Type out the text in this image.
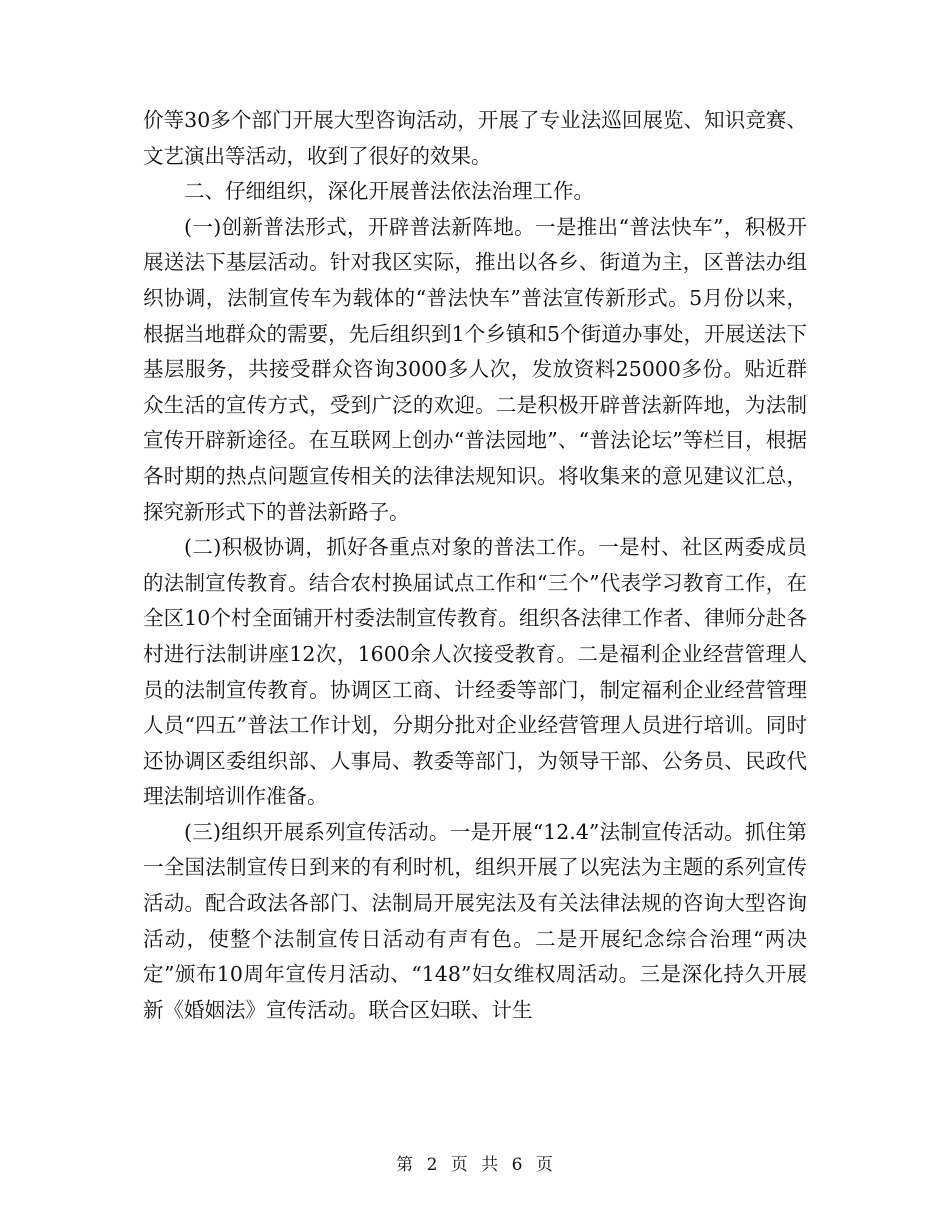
价等30多个部门开展大型咨询活动，开展了专业法巡回展览、知识竞赛、文艺演出等活动，收到了很好的效果。

二、仔细组织，深化开展普法依法治理工作。

(一)创新普法形式，开辟普法新阵地。一是推出“普法快车”，积极开展送法下基层活动。针对我区实际，推出以各乡、街道为主，区普法办组织协调，法制宣传车为载体的“普法快车”普法宣传新形式。5月份以来，根据当地群众的需要，先后组织到1个乡镇和5个街道办事处，开展送法下基层服务，共接受群众咨询3000多人次，发放资料25000多份。贴近群众生活的宣传方式，受到广泛的欢迎。二是积极开辟普法新阵地，为法制宣传开辟新途径。在互联网上创办“普法园地”、“普法论坛”等栏目，根据各时期的热点问题宣传相关的法律法规知识。将收集来的意见建议汇总，探究新形式下的普法新路子。

(二)积极协调，抓好各重点对象的普法工作。一是村、社区两委成员的法制宣传教育。结合农村换届试点工作和“三个”代表学习教育工作，在全区10个村全面铺开村委法制宣传教育。组织各法律工作者、律师分赴各村进行法制讲座12次，1600余人次接受教育。二是福利企业经营管理人员的法制宣传教育。协调区工商、计经委等部门，制定福利企业经营管理人员“四五”普法工作计划，分期分批对企业经营管理人员进行培训。同时还协调区委组织部、人事局、教委等部门，为领导干部、公务员、民政代理法制培训作准备。

(三)组织开展系列宣传活动。一是开展“12.4”法制宣传活动。抓住第一全国法制宣传日到来的有利时机，组织开展了以宪法为主题的系列宣传活动。配合政法各部门、法制局开展宪法及有关法律法规的咨询大型咨询活动，使整个法制宣传日活动有声有色。二是开展纪念综合治理“两决定”颁布10周年宣传月活动、“148”妇女维权周活动。三是深化持久开展新《婚姻法》宣传活动。联合区妇联、计生

第 2 页 共 6 页
